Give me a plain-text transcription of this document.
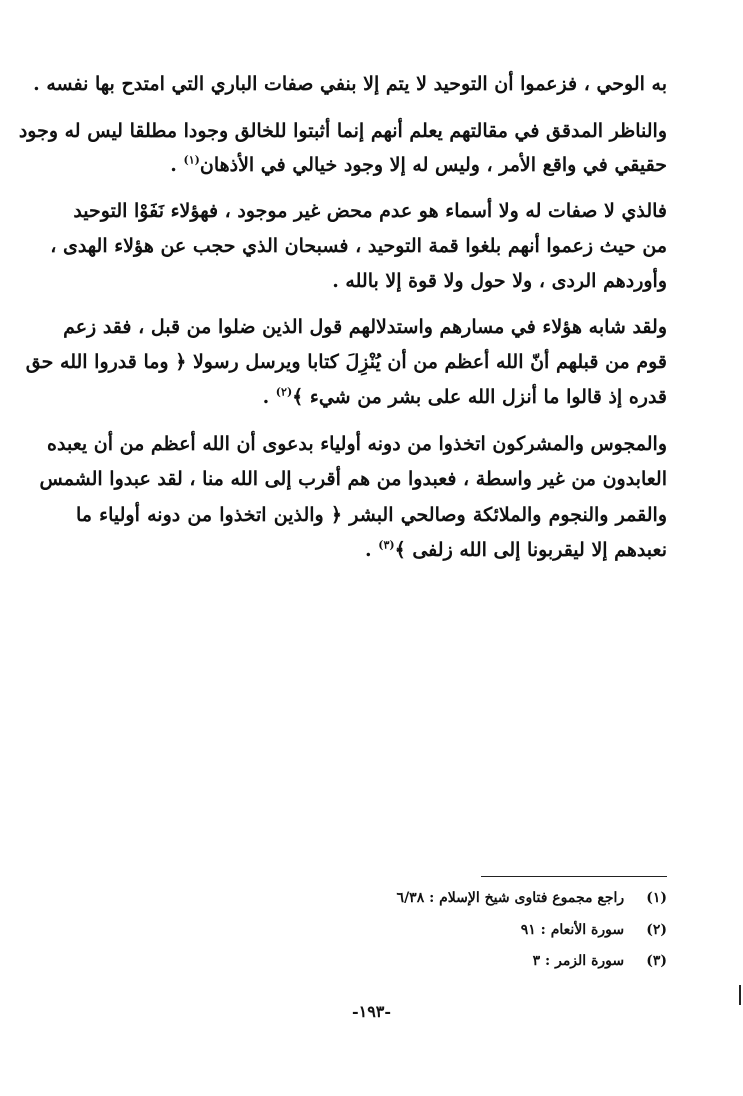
به الوحي ، فزعموا أن التوحيد لا يتم إلا بنفي صفات الباري التي امتدح بها نفسه .
والناظر المدقق في مقالتهم يعلم أنهم إنما أثبتوا للخالق وجودا مطلقا ليس له وجود
حقيقي في واقع الأمر ، وليس له إلا وجود خيالي في الأذهان$^{(١)}$ .
فالذي لا صفات له ولا أسماء هو عدم محض غير موجود ، فهؤلاء نَفَوْا التوحيد
من حيث زعموا أنهم بلغوا قمة التوحيد ، فسبحان الذي حجب عن هؤلاء الهدى ،
وأوردهم الردى ، ولا حول ولا قوة إلا بالله .
ولقد شابه هؤلاء في مسارهم واستدلالهم قول الذين ضلوا من قبل ، فقد زعم
قوم من قبلهم أنّ الله أعظم من أن يُنْزِلَ كتابا ويرسل رسولا ﴿ وما قدروا الله حق
قدره إذ قالوا ما أنزل الله على بشر من شيء ﴾$^{(٢)}$ .
والمجوس والمشركون اتخذوا من دونه أولياء بدعوى أن الله أعظم من أن يعبده
العابدون من غير واسطة ، فعبدوا من هم أقرب إلى الله منا ، لقد عبدوا الشمس
والقمر والنجوم والملائكة وصالحي البشر ﴿ والذين اتخذوا من دونه أولياء ما
نعبدهم إلا ليقربونا إلى الله زلفى ﴾$^{(٣)}$ .
(١) راجع مجموع فتاوى شيخ الإسلام : ٦/٣٨
(٢) سورة الأنعام : ٩١
(٣) سورة الزمر : ٣
-١٩٣-
